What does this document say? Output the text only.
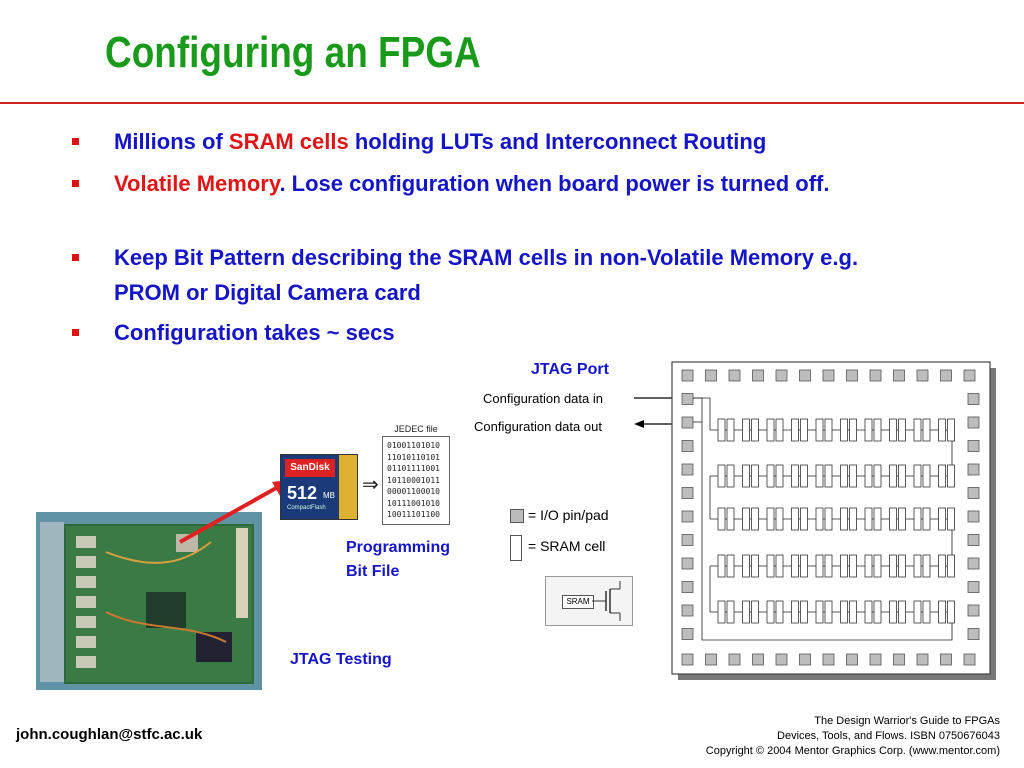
Configuring an FPGA
Millions of SRAM cells holding LUTs and Interconnect Routing
Volatile Memory. Lose configuration when board power is turned off.
Keep Bit Pattern describing the SRAM cells in non-Volatile Memory e.g. PROM or Digital Camera card
Configuration takes ~ secs
SanDisk
512 MB
CompactFlash
⇒
JEDEC file
01001101010
11010110101
01101111001
10110001011
00001100010
10111001010
10011101100
Programming
Bit File
JTAG Testing
JTAG Port
Configuration data in
Configuration data out
= I/O pin/pad
= SRAM cell
SRAM
john.coughlan@stfc.ac.uk
The Design Warrior's Guide to FPGAs
Devices, Tools, and Flows. ISBN 0750676043
Copyright © 2004 Mentor Graphics Corp. (www.mentor.com)
